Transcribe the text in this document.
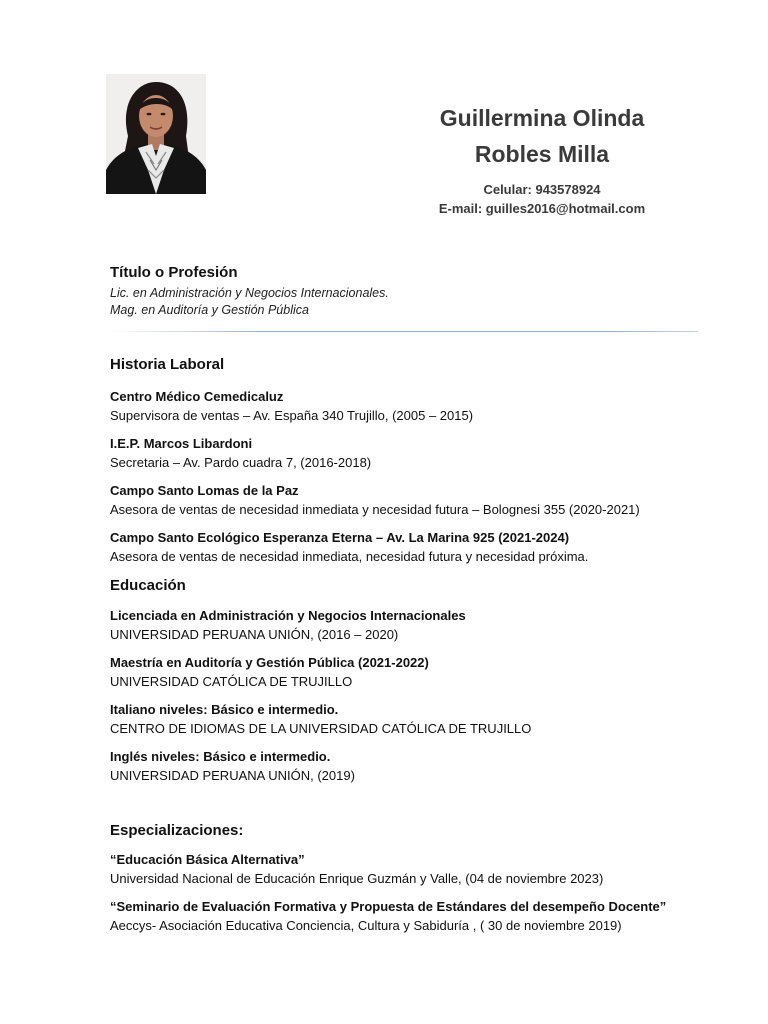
Guillermina Olinda
Robles Milla
Celular: 943578924
E-mail: guilles2016@hotmail.com
Título o Profesión
Lic. en Administración y Negocios Internacionales.
Mag. en Auditoría y Gestión Pública
Historia Laboral
Centro Médico Cemedicaluz
Supervisora de ventas – Av. España 340 Trujillo, (2005 – 2015)
I.E.P. Marcos Libardoni
Secretaria – Av. Pardo cuadra 7, (2016-2018)
Campo Santo Lomas de la Paz
Asesora de ventas de necesidad inmediata y necesidad futura – Bolognesi 355 (2020-2021)
Campo Santo Ecológico Esperanza Eterna – Av. La Marina 925 (2021-2024)
Asesora de ventas de necesidad inmediata, necesidad futura y necesidad próxima.
Educación
Licenciada en Administración y Negocios Internacionales
UNIVERSIDAD PERUANA UNIÓN, (2016 – 2020)
Maestría en Auditoría y Gestión Pública (2021-2022)
UNIVERSIDAD CATÓLICA DE TRUJILLO
Italiano niveles: Básico e intermedio.
CENTRO DE IDIOMAS DE LA UNIVERSIDAD CATÓLICA DE TRUJILLO
Inglés niveles: Básico e intermedio.
UNIVERSIDAD PERUANA UNIÓN, (2019)
Especializaciones:
“Educación Básica Alternativa”
Universidad Nacional de Educación Enrique Guzmán y Valle, (04 de noviembre 2023)
“Seminario de Evaluación Formativa y Propuesta de Estándares del desempeño Docente”
Aeccys- Asociación Educativa Conciencia, Cultura y Sabiduría , ( 30 de noviembre 2019)
